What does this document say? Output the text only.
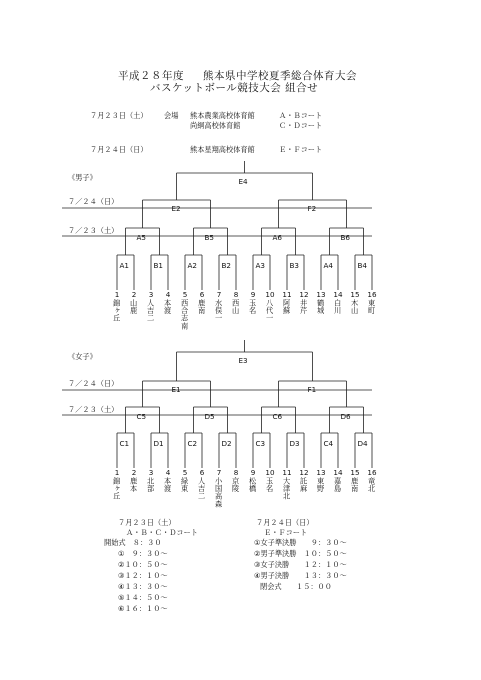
平成２８年度 熊本県中学校夏季総合体育大会
バスケットボール競技大会 組合せ
７月２３日（土） 会場 熊本農業高校体育館	Ａ・Ｂコート
尚絅高校体育館	Ｃ・Ｄコート
７月２４日（日）	熊本星翔高校体育館	Ｅ・Ｆコート
《男子》
７／２４（日）
７／２３（土）
E4
E2	F2
A5	B5	A6	B6
A1	B1	A2	B2	A3	B3	A4	B4
1
錦ヶ丘
2
山鹿
3
人吉二
4
本渡
5
西合志南
6
鹿南
7
水俣一
8
西山
9
玉名
10
八代一
11
阿蘇
12
井芹
13
鶴城
14
白川
15
木山
16
東町
《女子》
７／２４（日）
７／２３（土）
E3
E1	F1
C5	D5	C6	D6
C1	D1	C2	D2	C3	D3	C4	D4
1
錦ヶ丘
2
鹿本
3
北部
4
本渡
5
緑東
6
人吉二
7
小国高森
8
京陵
9
松橋
10
玉名
11
大津北
12
託麻
13
東野
14
嘉島
15
鹿南
16
竜北
７月２３日（土）
Ａ・Ｂ・Ｃ・Ｄコート
開始式　８：３０
①　９：３０～
②１０：５０～
③１２：１０～
④１３：３０～
⑤１４：５０～
⑥１６：１０～
７月２４日（日）
Ｅ・Ｆコート
①女子準決勝　　９：３０～
②男子準決勝　１０：５０～
③女子決勝　　１２：１０～
④男子決勝　　１３：３０～
閉会式　　１５：００
